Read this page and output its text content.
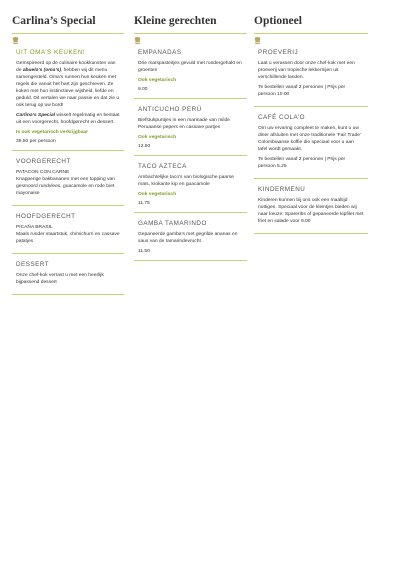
Carlina’s Special
UIT OMA’S KEUKEN!

Geïnspireerd op de culinaire kookkunsten van de abuela’s (oma’s), hebben wij dit menu samengesteld. Oma’s runnen hun keuken met regels die vanuit het hart zijn geschreven. Ze koken met hun instinctieve wijsheid, liefde en geduld. Dit vertalen we naar passie en dat zie u ook terug op uw bord!

Carlina’s Special wisselt regelmatig en bestaat uit een voorgerecht, hoofdgerecht en dessert.

Is ook vegetarisch verkrijgbaar

39.50 per persoon

VOORGERECHT

PATACON CON CARNE

Knapperige bakbananen met een topping van gesmoord rundvlees, guacamole en rode biet mayonaise

HOOFDGERECHT

PICAÑA BRASIL

Maals runder staartstuk, chimichurri en cassave patatjes

DESSERT

Onze chef-kok verrast u met een heerlijk bijpassend dessert

Kleine gerechten
EMPANADAS

Drie maïspasteitjes gevuld met rundergehakt en groenten

Ook vegetarisch

9.00

ANTICUCHO PERÚ

Biefstukpuntjes in een marinade van milde Peruaanse pepers en cassave partjes

Ook vegetarisch

12.50

TACO AZTECA

Ambachtelijke taco’s van biologische paarse maïs, krokante kip en guacamole

Ook vegetarisch

11.75

GAMBA TAMARINDO

Gepaneerde gamba’s met gegrilde ananas en saus van de tamarindevrucht

11.50

Optioneel
PROEVERIJ

Laat u verassen door onze chef-kok met een proeverij van tropische lekkernijen uit verschillende landen.

Te bestellen vanaf 2 personen | Prijs per persoon 10.00

CAFÉ COLA’O

Om uw ervaring compleet te maken, kunt u uw diner afsluiten met onze traditionele ‘Fair Trade’ Colombiaanse koffie die speciaal voor u aan tafel wordt gemaakt.

Te bestellen vanaf 2 personen | Prijs per persoon 5.25

KINDERMENU

Kinderen kunnen bij ons ook een maaltijd nuttigen. Speciaal voor de kleintjes bieden wij naar keuze: Spareribs of gepaneerde kipfilet met friet en salade voor 9.00
